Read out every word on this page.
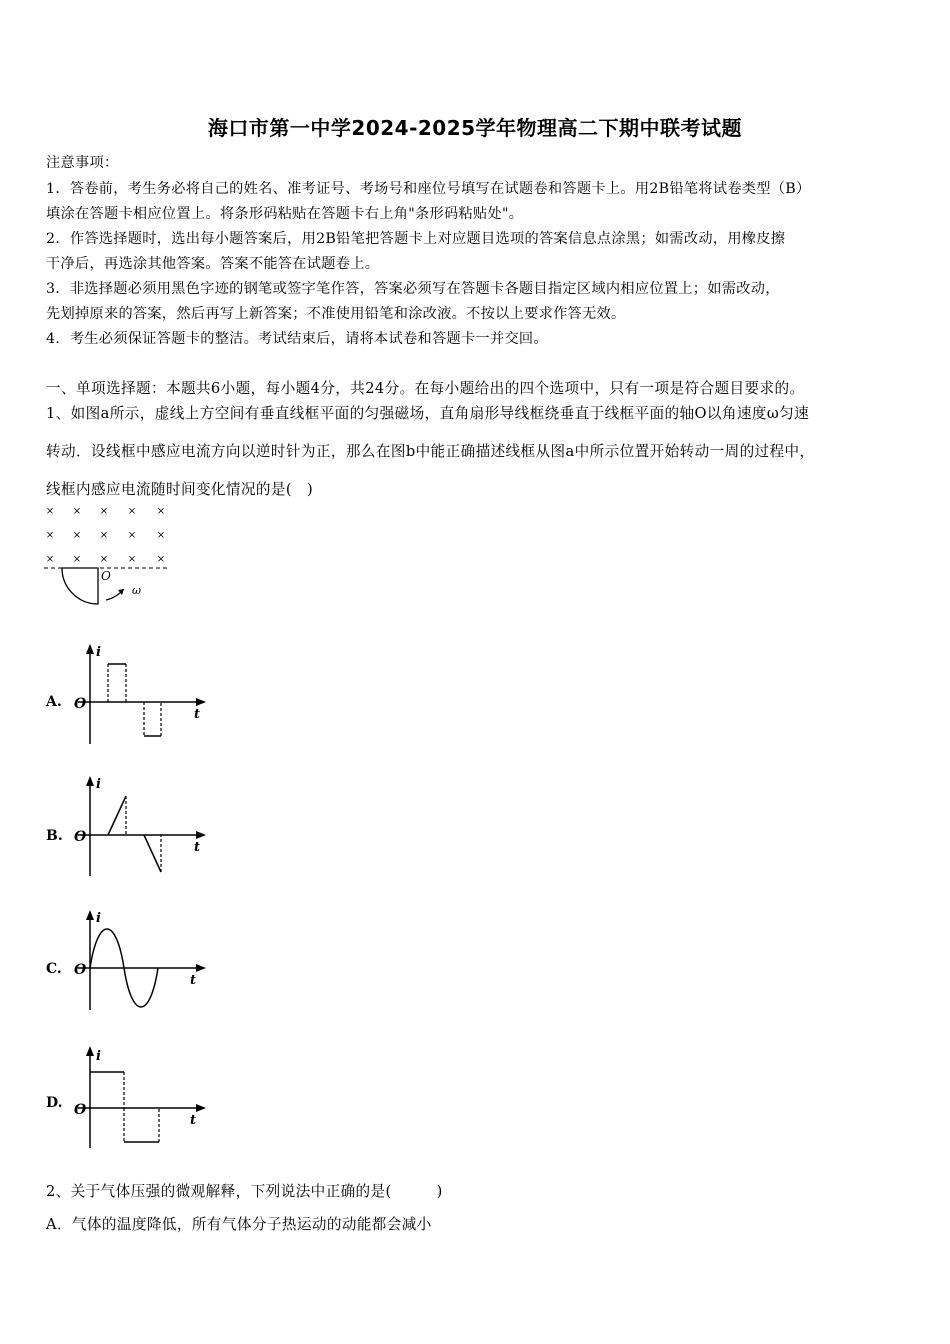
海口市第一中学2024-2025学年物理高二下期中联考试题
注意事项：
1．答卷前，考生务必将自己的姓名、准考证号、考场号和座位号填写在试题卷和答题卡上。用2B铅笔将试卷类型（B）
填涂在答题卡相应位置上。将条形码粘贴在答题卡右上角"条形码粘贴处"。
2．作答选择题时，选出每小题答案后，用2B铅笔把答题卡上对应题目选项的答案信息点涂黑；如需改动，用橡皮擦
干净后，再选涂其他答案。答案不能答在试题卷上。
3．非选择题必须用黑色字迹的钢笔或签字笔作答，答案必须写在答题卡各题目指定区域内相应位置上；如需改动，
先划掉原来的答案，然后再写上新答案；不准使用铅笔和涂改液。不按以上要求作答无效。
4．考生必须保证答题卡的整洁。考试结束后，请将本试卷和答题卡一并交回。
一、单项选择题：本题共6小题，每小题4分，共24分。在每小题给出的四个选项中，只有一项是符合题目要求的。
1、如图a所示，虚线上方空间有垂直线框平面的匀强磁场，直角扇形导线框绕垂直于线框平面的轴O以角速度ω匀速
转动．设线框中感应电流方向以逆时针为正，那么在图b中能正确描述线框从图a中所示位置开始转动一周的过程中，
线框内感应电流随时间变化情况的是(　)
× × × × ×
× × × × ×
× × × × ×
O
ω
A.
i
t
O
B.
i
t
O
C.
i
t
O
D.
i
t
O
2、关于气体压强的微观解释，下列说法中正确的是(　　　)
A．气体的温度降低，所有气体分子热运动的动能都会减小
